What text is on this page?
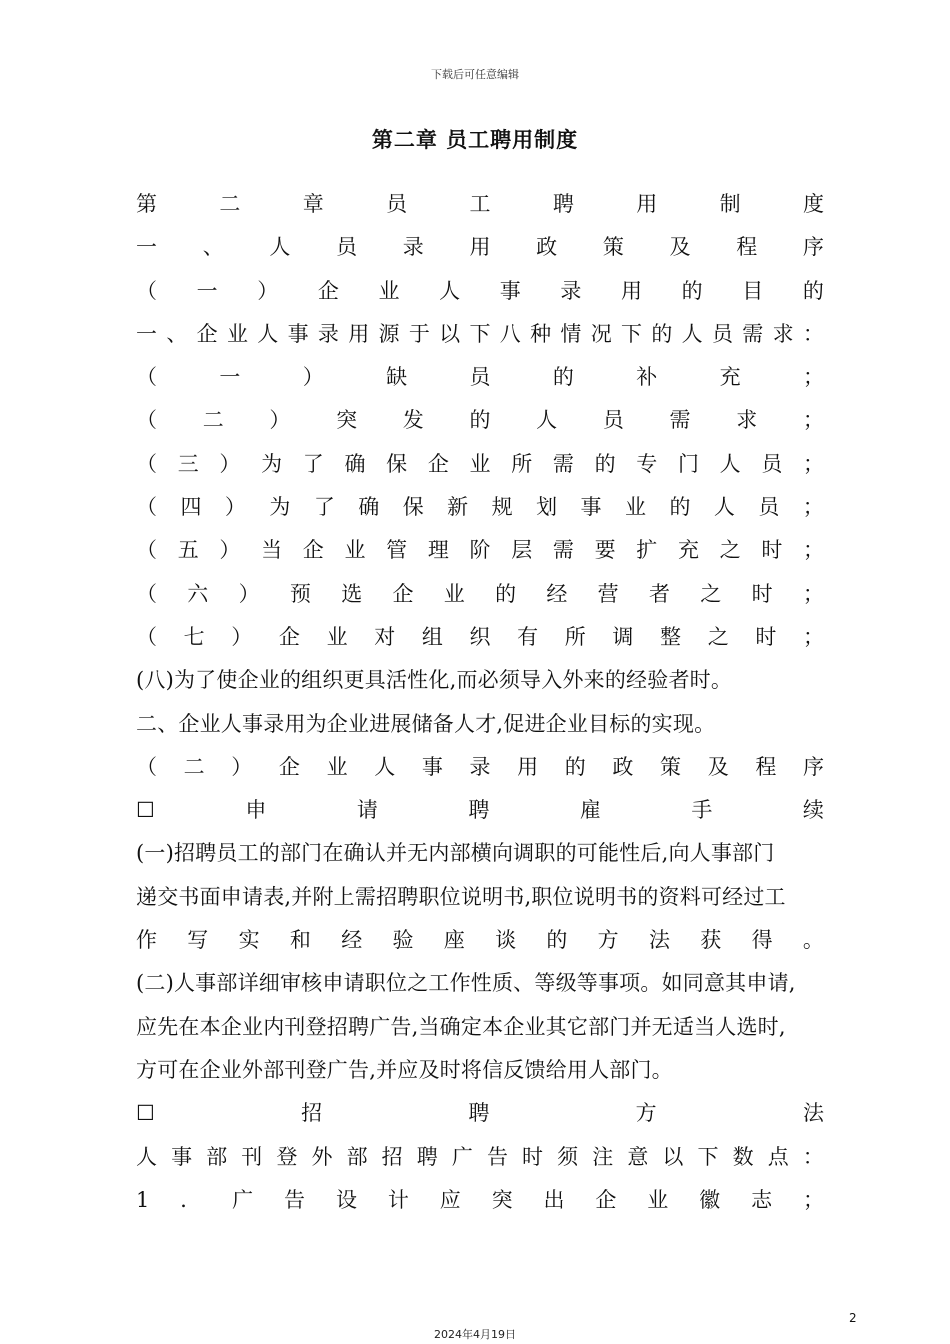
下载后可任意编辑
第二章 员工聘用制度
第	二	章	员	工	聘	用	制	度
一 、 人 员 录 用 政 策 及 程 序
（ 一 ） 企 业 人 事 录 用 的 目 的
一 、 企 业 人 事 录 用 源 于 以 下 八 种 情 况 下 的 人 员 需 求 ：
（	一	）	缺	员	的	补	充	；
（ 二 ） 突 发 的 人 员 需 求 ；
（ 三 ） 为 了 确 保 企 业 所 需 的 专 门 人 员 ；
（ 四 ） 为 了 确 保 新 规 划 事 业 的 人 员 ；
（ 五 ） 当 企 业 管 理 阶 层 需 要 扩 充 之 时 ；
（ 六 ） 预 选 企 业 的 经 营 者 之 时 ；
（ 七 ） 企 业 对 组 织 有 所 调 整 之 时 ；
(八)为了使企业的组织更具活性化,而必须导入外来的经验者时。
二、企业人事录用为企业进展储备人才,促进企业目标的实现。
（ 二 ） 企 业 人 事 录 用 的 政 策 及 程 序
☐	申	请	聘	雇	手	续
(一)招聘员工的部门在确认并无内部横向调职的可能性后,向人事部门
递交书面申请表,并附上需招聘职位说明书,职位说明书的资料可经过工
作 写 实 和 经 验 座 谈 的 方 法 获 得 。
(二)人事部详细审核申请职位之工作性质、等级等事项。如同意其申请,
应先在本企业内刊登招聘广告,当确定本企业其它部门并无适当人选时,
方可在企业外部刊登广告,并应及时将信反馈给用人部门。
☐	招	聘	方	法
人 事 部 刊 登 外 部 招 聘 广 告 时 须 注 意 以 下 数 点 ：
1 ． 广 告 设 计 应 突 出 企 业 徽 志 ；
2
2024年4月19日
